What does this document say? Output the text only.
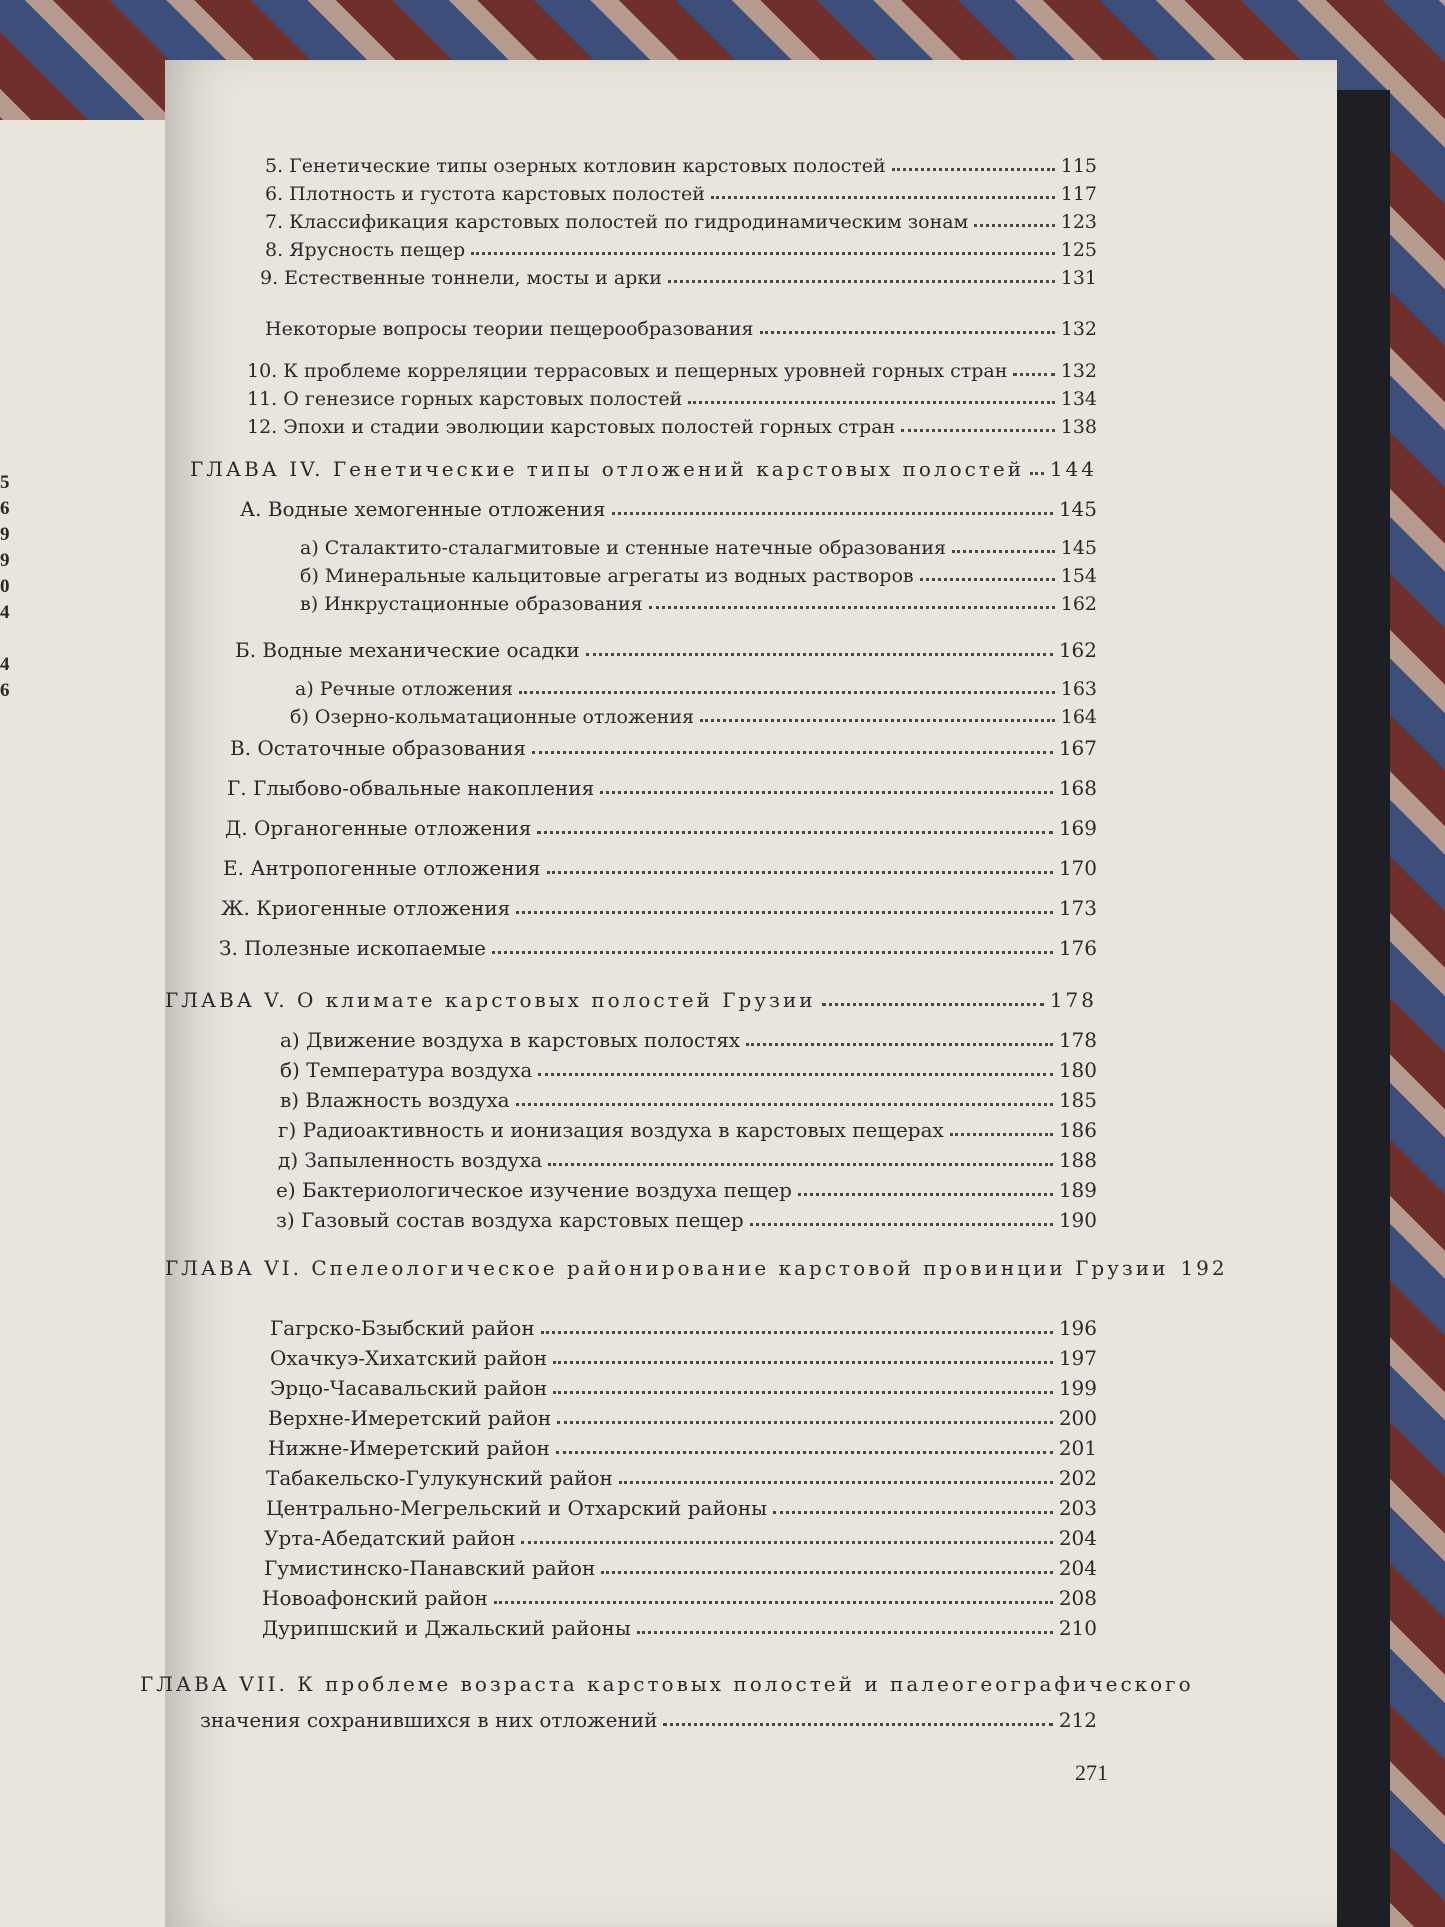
5
6
9
9
0
4
4
6
5. Генетические типы озерных котловин карстовых полостей	115
6. Плотность и густота карстовых полостей	117
7. Классификация карстовых полостей по гидродинамическим зонам	123
8. Ярусность пещер	125
9. Естественные тоннели, мосты и арки	131
Некоторые вопросы теории пещерообразования	132
10. К проблеме корреляции террасовых и пещерных уровней горных стран	132
11. О генезисе горных карстовых полостей	134
12. Эпохи и стадии эволюции карстовых полостей горных стран	138
ГЛАВА IV. Генетические типы отложений карстовых полостей 144
А. Водные хемогенные отложения	145
а) Сталактито-сталагмитовые и стенные натечные образования	145
б) Минеральные кальцитовые агрегаты из водных растворов	154
в) Инкрустационные образования	162
Б. Водные механические осадки	162
а) Речные отложения	163
б) Озерно-кольматационные отложения	164
В. Остаточные образования	167
Г. Глыбово-обвальные накопления	168
Д. Органогенные отложения	169
Е. Антропогенные отложения	170
Ж. Криогенные отложения	173
З. Полезные ископаемые	176
ГЛАВА V. О климате карстовых полостей Грузии	178
а) Движение воздуха в карстовых полостях	178
б) Температура воздуха	180
в) Влажность воздуха	185
г) Радиоактивность и ионизация воздуха в карстовых пещерах	186
д) Запыленность воздуха	188
е) Бактериологическое изучение воздуха пещер	189
з) Газовый состав воздуха карстовых пещер	190
ГЛАВА VI. Спелеологическое районирование карстовой провинции Грузии 192
Гагрско-Бзыбский район	196
Охачкуэ-Хихатский район	197
Эрцо-Часавальский район	199
Верхне-Имеретский район	200
Нижне-Имеретский район	201
Табакельско-Гулукунский район	202
Центрально-Мегрельский и Отхарский районы	203
Урта-Абедатский район	204
Гумистинско-Панавский район	204
Новоафонский район	208
Дурипшский и Джальский районы	210
ГЛАВА VII. К проблеме возраста карстовых полостей и палеогеографического
значения сохранившихся в них отложений	212
271
